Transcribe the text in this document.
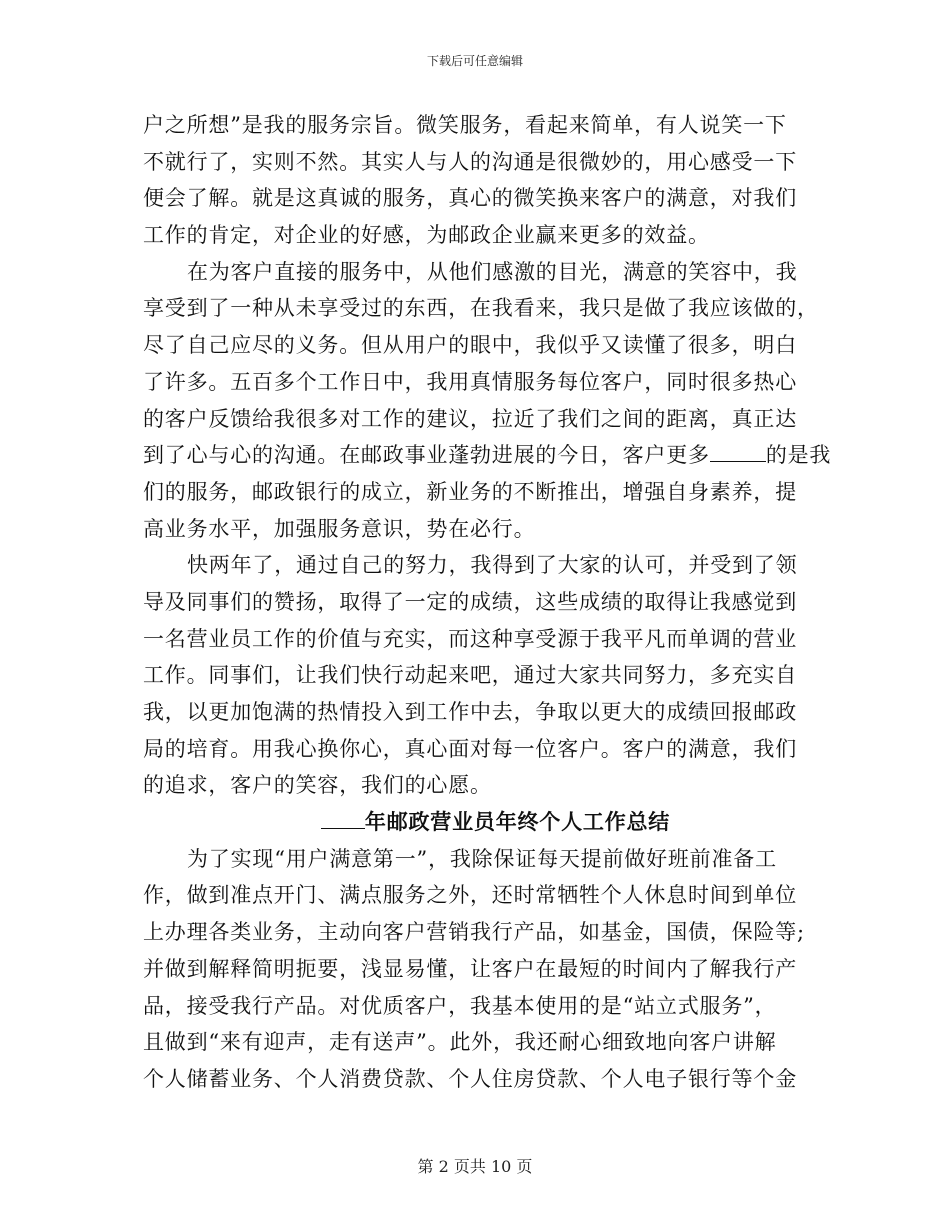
下载后可任意编辑
户之所想”是我的服务宗旨。微笑服务，看起来简单，有人说笑一下
不就行了，实则不然。其实人与人的沟通是很微妙的，用心感受一下
便会了解。就是这真诚的服务，真心的微笑换来客户的满意，对我们
工作的肯定，对企业的好感，为邮政企业赢来更多的效益。
在为客户直接的服务中，从他们感激的目光，满意的笑容中，我
享受到了一种从未享受过的东西，在我看来，我只是做了我应该做的，
尽了自己应尽的义务。但从用户的眼中，我似乎又读懂了很多，明白
了许多。五百多个工作日中，我用真情服务每位客户，同时很多热心
的客户反馈给我很多对工作的建议，拉近了我们之间的距离，真正达
到了心与心的沟通。在邮政事业蓬勃进展的今日，客户更多	的是我
们的服务，邮政银行的成立，新业务的不断推出，增强自身素养，提
高业务水平，加强服务意识，势在必行。
快两年了，通过自己的努力，我得到了大家的认可，并受到了领
导及同事们的赞扬，取得了一定的成绩，这些成绩的取得让我感觉到
一名营业员工作的价值与充实，而这种享受源于我平凡而单调的营业
工作。同事们，让我们快行动起来吧，通过大家共同努力，多充实自
我，以更加饱满的热情投入到工作中去，争取以更大的成绩回报邮政
局的培育。用我心换你心，真心面对每一位客户。客户的满意，我们
的追求，客户的笑容，我们的心愿。
年邮政营业员年终个人工作总结
为了实现“用户满意第一”，我除保证每天提前做好班前准备工
作，做到准点开门、满点服务之外，还时常牺牲个人休息时间到单位
上办理各类业务，主动向客户营销我行产品，如基金，国债，保险等;
并做到解释简明扼要，浅显易懂，让客户在最短的时间内了解我行产
品，接受我行产品。对优质客户，我基本使用的是“站立式服务”，
且做到“来有迎声，走有送声”。此外，我还耐心细致地向客户讲解
个人储蓄业务、个人消费贷款、个人住房贷款、个人电子银行等个金
第 2 页共 10 页
